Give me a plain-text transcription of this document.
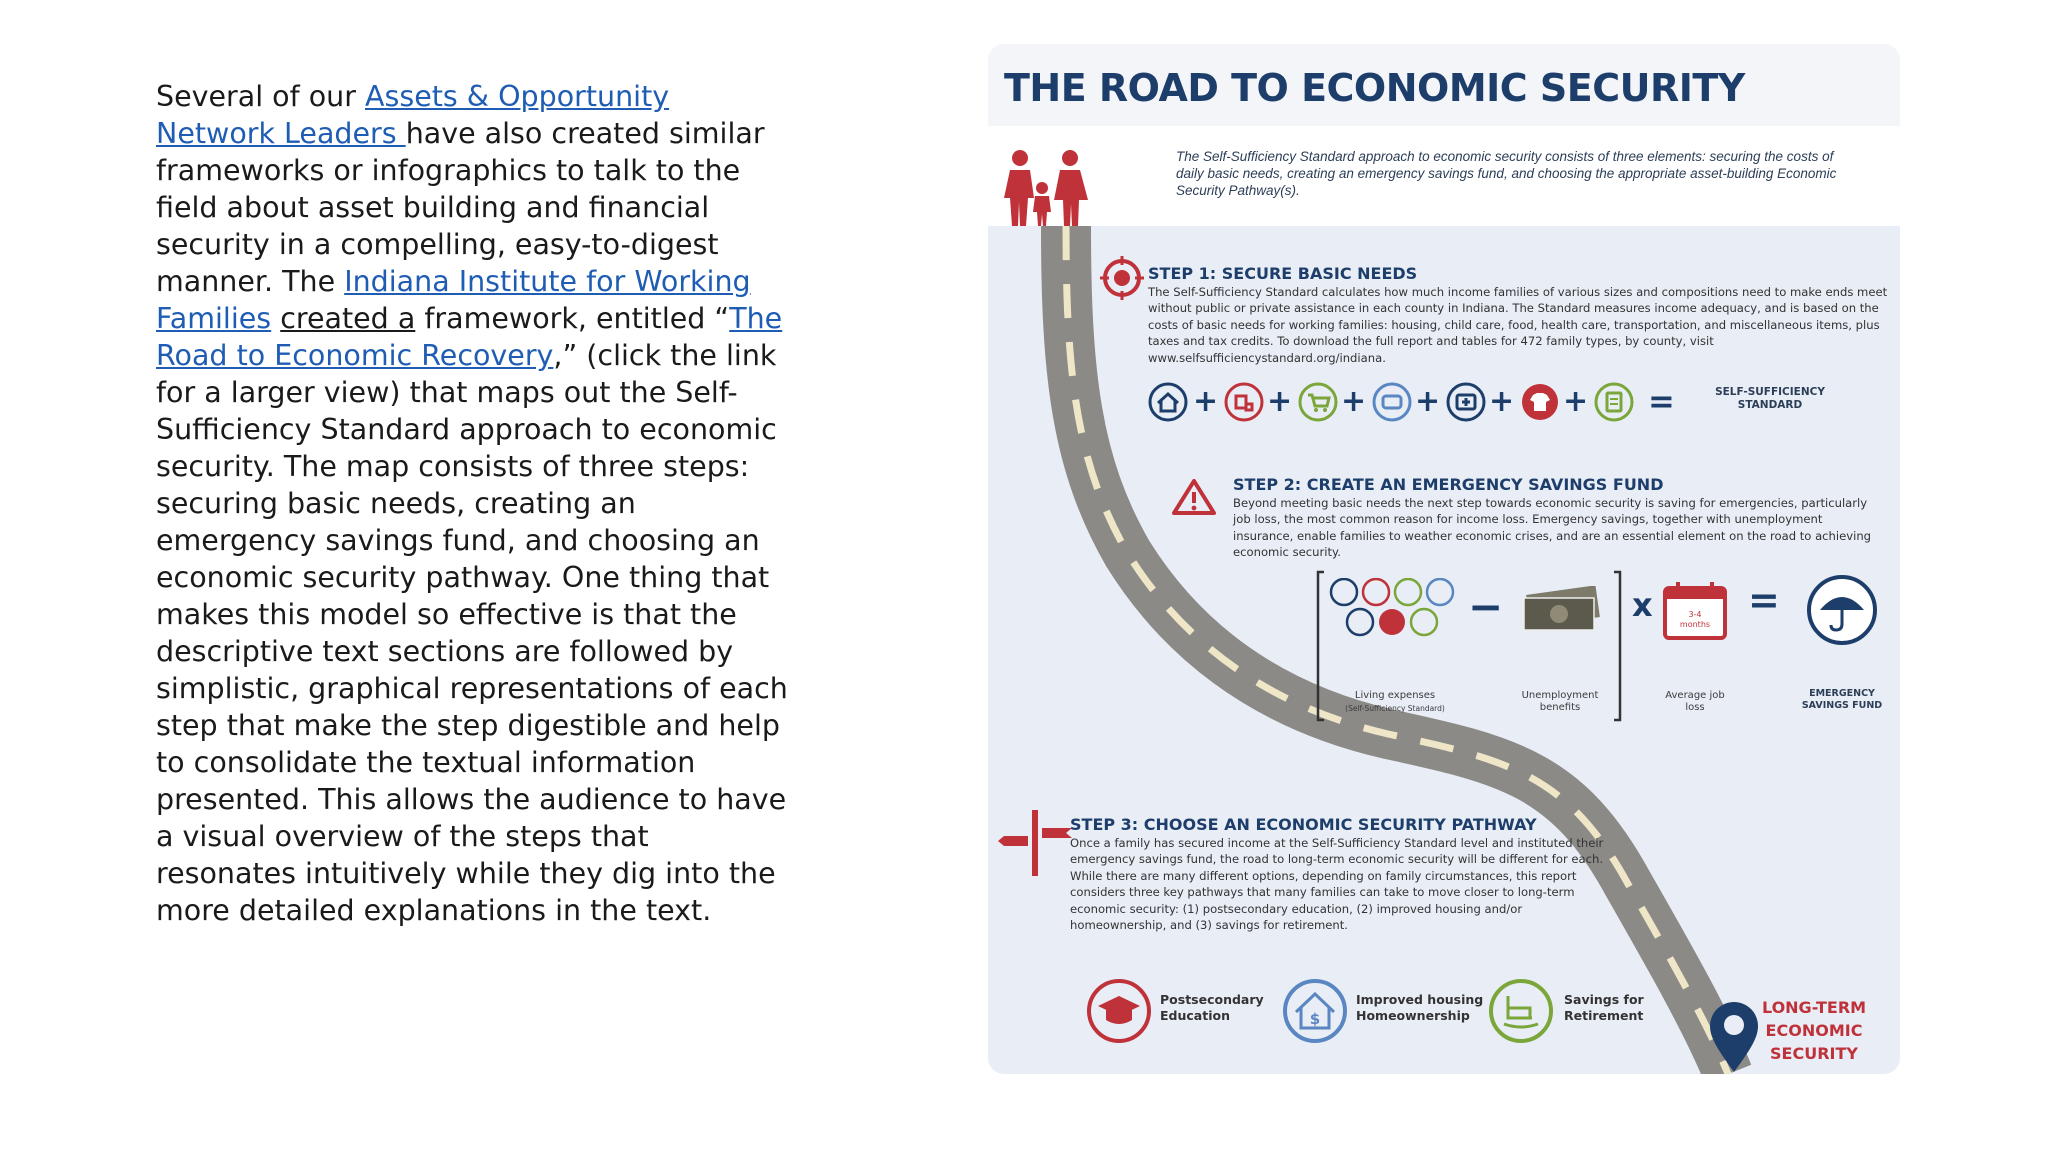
Several of our Assets & Opportunity Network Leaders have also created similar frameworks or infographics to talk to the field about asset building and financial security in a compelling, easy-to-digest manner. The Indiana Institute for Working Families created a framework, entitled “The Road to Economic Recovery,” (click the link for a larger view) that maps out the Self-Sufficiency Standard approach to economic security. The map consists of three steps: securing basic needs, creating an emergency savings fund, and choosing an economic security pathway. One thing that makes this model so effective is that the descriptive text sections are followed by simplistic, graphical representations of each step that make the step digestible and help to consolidate the textual information presented. This allows the audience to have a visual overview of the steps that resonates intuitively while they dig into the more detailed explanations in the text.
THE ROAD TO ECONOMIC SECURITY
The Self-Sufficiency Standard approach to economic security consists of three elements: securing the costs of daily basic needs, creating an emergency savings fund, and choosing the appropriate asset-building Economic Security Pathway(s).
STEP 1: SECURE BASIC NEEDS
The Self-Sufficiency Standard calculates how much income families of various sizes and compositions need to make ends meet without public or private assistance in each county in Indiana. The Standard measures income adequacy, and is based on the costs of basic needs for working families: housing, child care, food, health care, transportation, and miscellaneous items, plus taxes and tax credits. To download the full report and tables for 472 family types, by county, visit www.selfsufficiencystandard.org/indiana.
+ + + + + + =	SELF-SUFFICIENCY STANDARD
STEP 2: CREATE AN EMERGENCY SAVINGS FUND
Beyond meeting basic needs the next step towards economic security is saving for emergencies, particularly job loss, the most common reason for income loss. Emergency savings, together with unemployment insurance, enable families to weather economic crises, and are an essential element on the road to achieving economic security.
Living expenses
(Self-Sufficiency Standard)
−
Unemployment benefits
x	3-4 months
Average job loss
=
EMERGENCY SAVINGS FUND
STEP 3: CHOOSE AN ECONOMIC SECURITY PATHWAY
Once a family has secured income at the Self-Sufficiency Standard level and instituted their emergency savings fund, the road to long-term economic security will be different for each. While there are many different options, depending on family circumstances, this report considers three key pathways that many families can take to move closer to long-term economic security: (1) postsecondary education, (2) improved housing and/or homeownership, and (3) savings for retirement.
Postsecondary Education	$
Improved housing Homeownership
Savings for Retirement	LONG-TERM ECONOMIC SECURITY
